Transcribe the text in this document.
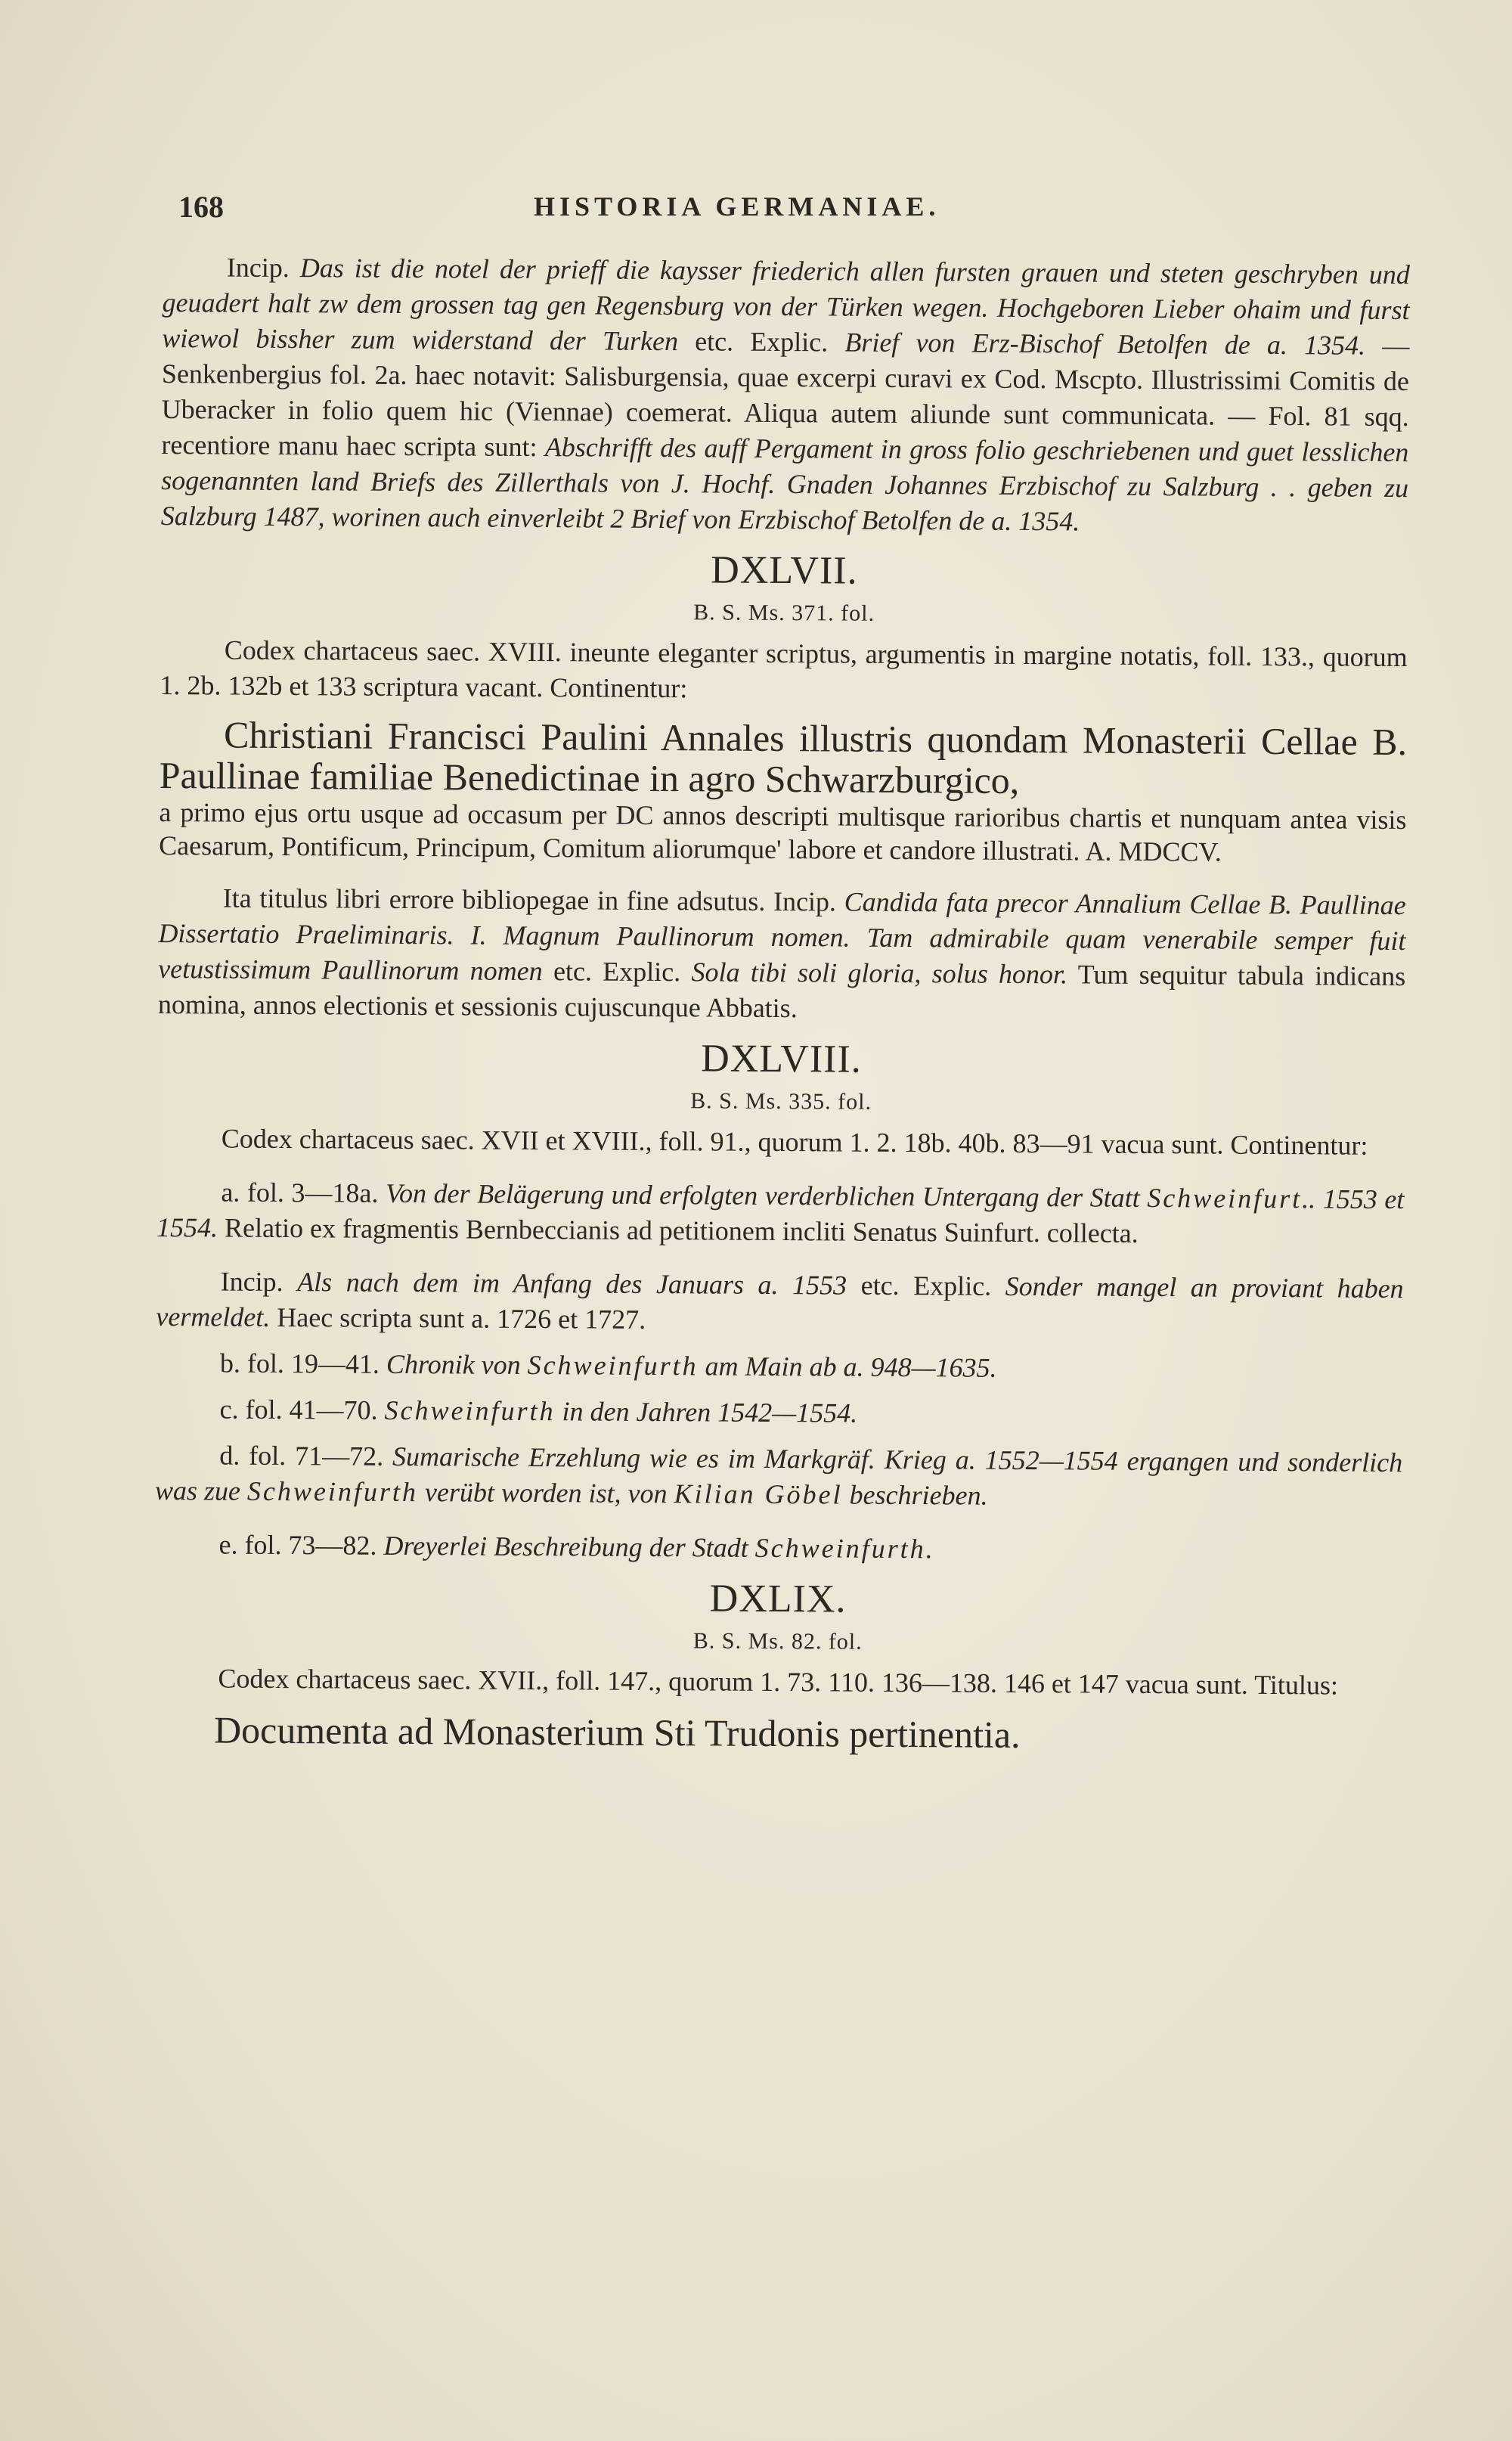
168	HISTORIA GERMANIAE.

Incip. Das ist die notel der prieff die kaysser friederich allen fursten grauen und steten geschryben und geuadert halt zw dem grossen tag gen Regensburg von der Türken wegen. Hochgeboren Lieber ohaim und furst wiewol bissher zum widerstand der Turken etc. Explic. Brief von Erz-Bischof Betolfen de a. 1354. — Senkenbergius fol. 2a. haec notavit: Salisburgensia, quae excerpi curavi ex Cod. Mscpto. Illustrissimi Comitis de Uberacker in folio quem hic (Viennae) coemerat. Aliqua autem aliunde sunt communicata. — Fol. 81 sqq. recentiore manu haec scripta sunt: Abschrifft des auff Pergament in gross folio geschriebenen und guet lesslichen sogenannten land Briefs des Zillerthals von J. Hochf. Gnaden Johannes Erzbischof zu Salzburg . . geben zu Salzburg 1487, worinen auch einverleibt 2 Brief von Erzbischof Betolfen de a. 1354.

DXLVII.

B. S. Ms. 371. fol.

Codex chartaceus saec. XVIII. ineunte eleganter scriptus, argumentis in margine notatis, foll. 133., quorum 1. 2b. 132b et 133 scriptura vacant. Continentur:

Christiani Francisci Paulini Annales illustris quondam Monasterii Cellae B. Paullinae familiae Benedictinae in agro Schwarzburgico,

a primo ejus ortu usque ad occasum per DC annos descripti multisque rarioribus chartis et nunquam antea visis Caesarum, Pontificum, Principum, Comitum aliorumque' labore et candore illustrati. A. MDCCV.

Ita titulus libri errore bibliopegae in fine adsutus. Incip. Candida fata precor Annalium Cellae B. Paullinae Dissertatio Praeliminaris. I. Magnum Paullinorum nomen. Tam admirabile quam venerabile semper fuit vetustissimum Paullinorum nomen etc. Explic. Sola tibi soli gloria, solus honor. Tum sequitur tabula indicans nomina, annos electionis et sessionis cujuscunque Abbatis.

DXLVIII.

B. S. Ms. 335. fol.

Codex chartaceus saec. XVII et XVIII., foll. 91., quorum 1. 2. 18b. 40b. 83—91 vacua sunt. Continentur:

a. fol. 3—18a. Von der Belägerung und erfolgten verderblichen Untergang der Statt Schweinfurt.. 1553 et 1554. Relatio ex fragmentis Bernbeccianis ad petitionem incliti Senatus Suinfurt. collecta.

Incip. Als nach dem im Anfang des Januars a. 1553 etc. Explic. Sonder mangel an proviant haben vermeldet. Haec scripta sunt a. 1726 et 1727.

b. fol. 19—41. Chronik von Schweinfurth am Main ab a. 948—1635.

c. fol. 41—70. Schweinfurth in den Jahren 1542—1554.

d. fol. 71—72. Sumarische Erzehlung wie es im Markgräf. Krieg a. 1552—1554 ergangen und sonderlich was zue Schweinfurth verübt worden ist, von Kilian Göbel beschrieben.

e. fol. 73—82. Dreyerlei Beschreibung der Stadt Schweinfurth.

DXLIX.

B. S. Ms. 82. fol.

Codex chartaceus saec. XVII., foll. 147., quorum 1. 73. 110. 136—138. 146 et 147 vacua sunt. Titulus:

Documenta ad Monasterium Sti Trudonis pertinentia.
